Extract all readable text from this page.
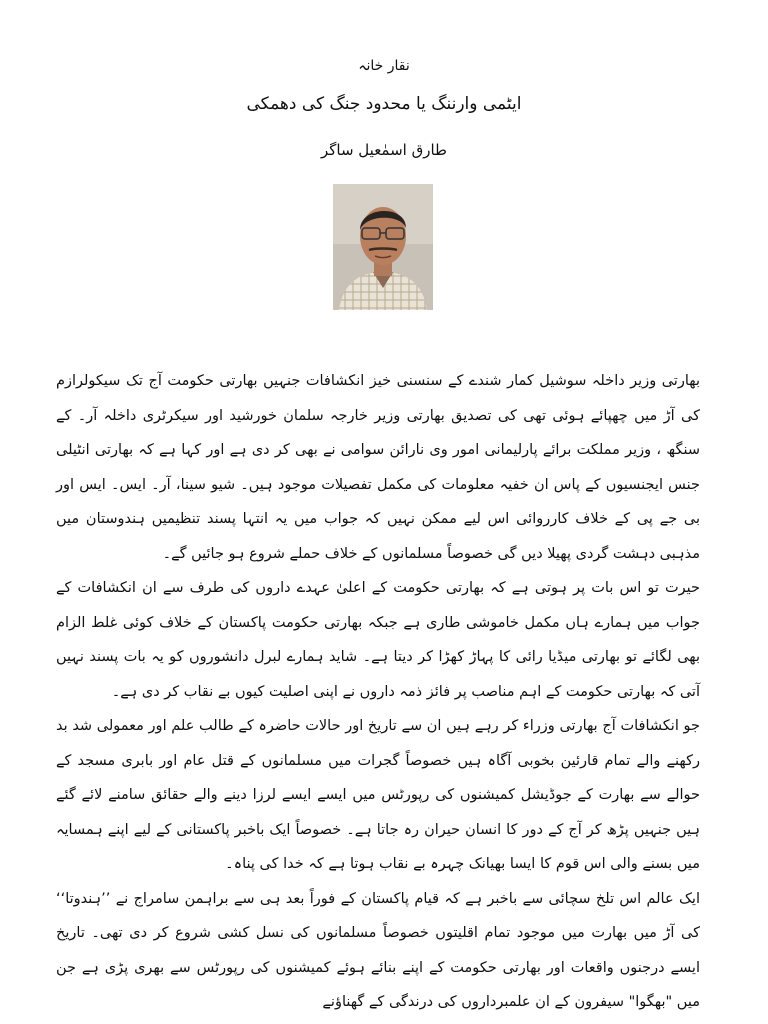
نقار خانہ
ایٹمی وارننگ یا محدود جنگ کی دھمکی
طارق اسمٰعیل ساگر

بھارتی وزیر داخلہ سوشیل کمار شندے کے سنسنی خیز انکشافات جنہیں بھارتی حکومت آج تک سیکولرازم کی آڑ میں چھپائے ہوئی تھی کی تصدیق بھارتی وزیر خارجہ سلمان خورشید اور سیکرٹری داخلہ آر۔ کے سنگھ ، وزیر مملکت برائے پارلیمانی امور وی نارائن سوامی نے بھی کر دی ہے اور کہا ہے کہ بھارتی انٹیلی جنس ایجنسیوں کے پاس ان خفیہ معلومات کی مکمل تفصیلات موجود ہیں۔ شیو سینا، آر۔ ایس۔ ایس اور بی جے پی کے خلاف کارروائی اس لیے ممکن نہیں کہ جواب میں یہ انتہا پسند تنظیمیں ہندوستان میں مذہبی دہشت گردی پھیلا دیں گی خصوصاً مسلمانوں کے خلاف حملے شروع ہو جائیں گے۔

حیرت تو اس بات پر ہوتی ہے کہ بھارتی حکومت کے اعلیٰ عہدے داروں کی طرف سے ان انکشافات کے جواب میں ہمارے ہاں مکمل خاموشی طاری ہے جبکہ بھارتی حکومت پاکستان کے خلاف کوئی غلط الزام بھی لگائے تو بھارتی میڈیا رائی کا پہاڑ کھڑا کر دیتا ہے۔ شاید ہمارے لبرل دانشوروں کو یہ بات پسند نہیں آتی کہ بھارتی حکومت کے اہم مناصب پر فائز ذمہ داروں نے اپنی اصلیت کیوں بے نقاب کر دی ہے۔

جو انکشافات آج بھارتی وزراء کر رہے ہیں ان سے تاریخ اور حالات حاضرہ کے طالب علم اور معمولی شد بد رکھنے والے تمام قارئین بخوبی آگاہ ہیں خصوصاً گجرات میں مسلمانوں کے قتل عام اور بابری مسجد کے حوالے سے بھارت کے جوڈیشل کمیشنوں کی رپورٹس میں ایسے ایسے لرزا دینے والے حقائق سامنے لائے گئے ہیں جنہیں پڑھ کر آج کے دور کا انسان حیران رہ جاتا ہے۔ خصوصاً ایک باخبر پاکستانی کے لیے اپنے ہمسایہ میں بسنے والی اس قوم کا ایسا بھیانک چہرہ بے نقاب ہوتا ہے کہ خدا کی پناہ۔

ایک عالم اس تلخ سچائی سے باخبر ہے کہ قیام پاکستان کے فوراً بعد ہی سے براہمن سامراج نے ’’ہندوتا‘‘ کی آڑ میں بھارت میں موجود تمام اقلیتوں خصوصاً مسلمانوں کی نسل کشی شروع کر دی تھی۔ تاریخ ایسے درجنوں واقعات اور بھارتی حکومت کے اپنے بنائے ہوئے کمیشنوں کی رپورٹس سے بھری پڑی ہے جن میں "بھگوا" سیفرون کے ان علمبرداروں کی درندگی کے گھناؤنے
